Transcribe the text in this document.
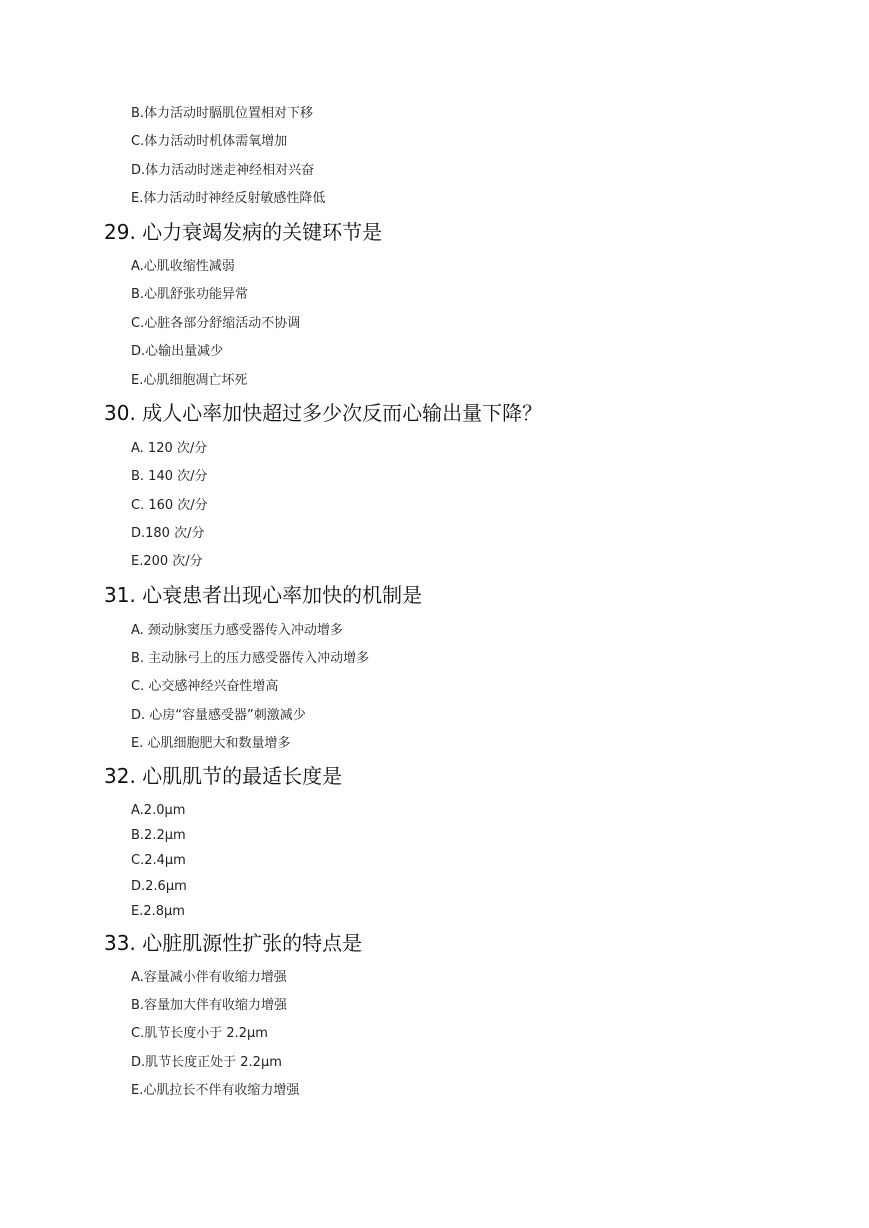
B.体力活动时膈肌位置相对下移
C.体力活动时机体需氧增加
D.体力活动时迷走神经相对兴奋
E.体力活动时神经反射敏感性降低
29. 心力衰竭发病的关键环节是
A.心肌收缩性减弱
B.心肌舒张功能异常
C.心脏各部分舒缩活动不协调
D.心输出量减少
E.心肌细胞凋亡坏死
30. 成人心率加快超过多少次反而心输出量下降？
A. 120 次/分
B. 140 次/分
C. 160 次/分
D.180 次/分
E.200 次/分
31. 心衰患者出现心率加快的机制是
A. 颈动脉窦压力感受器传入冲动增多
B. 主动脉弓上的压力感受器传入冲动增多
C. 心交感神经兴奋性增高
D. 心房“容量感受器”刺激减少
E. 心肌细胞肥大和数量增多
32. 心肌肌节的最适长度是
A.2.0μm
B.2.2μm
C.2.4μm
D.2.6μm
E.2.8μm
33. 心脏肌源性扩张的特点是
A.容量减小伴有收缩力增强
B.容量加大伴有收缩力增强
C.肌节长度小于 2.2μm
D.肌节长度正处于 2.2μm
E.心肌拉长不伴有收缩力增强
